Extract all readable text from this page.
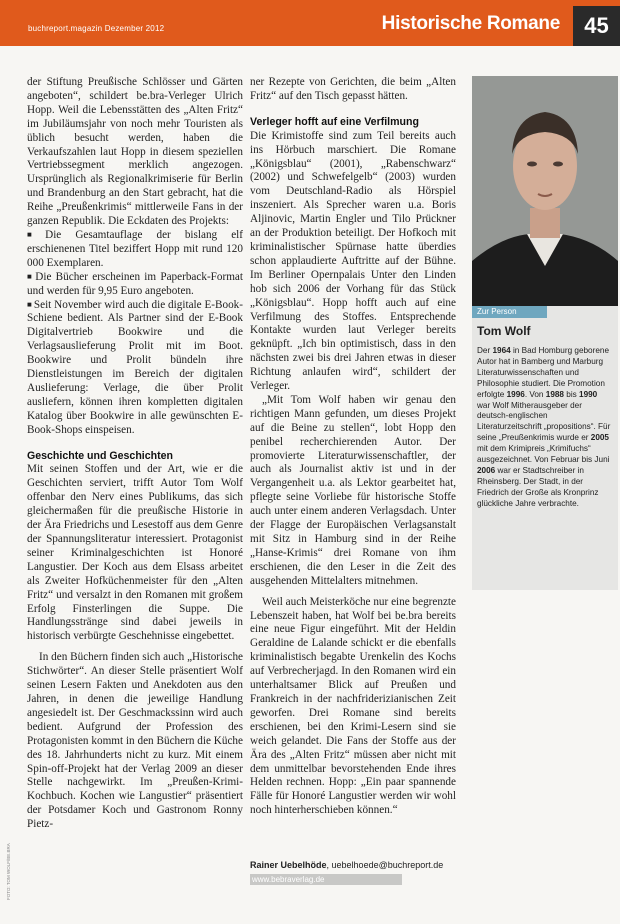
buchreport.magazin Dezember 2012	Historische Romane	45

der Stiftung Preußische Schlösser und Gärten angeboten“, schildert be.bra-Verleger Ulrich Hopp. Weil die Lebensstätten des „Alten Fritz“ im Jubiläumsjahr von noch mehr Touristen als üblich besucht werden, haben die Verkaufszahlen laut Hopp in diesem speziellen Vertriebssegment merklich angezogen. Ursprünglich als Regionalkrimiserie für Berlin und Brandenburg an den Start gebracht, hat die Reihe „Preußenkrimis“ mittlerweile Fans in der ganzen Republik. Die Eckdaten des Projekts:

■ Die Gesamtauflage der bislang elf erschienenen Titel beziffert Hopp mit rund 120 000 Exemplaren.

■ Die Bücher erscheinen im Paperback-Format und werden für 9,95 Euro angeboten.

■ Seit November wird auch die digitale E-Book-Schiene bedient. Als Partner sind der E-Book Digitalvertrieb Bookwire und die Verlagsauslieferung Prolit mit im Boot. Bookwire und Prolit bündeln ihre Dienstleistungen im Bereich der digitalen Auslieferung: Verlage, die über Prolit ausliefern, können ihren kompletten digitalen Katalog über Bookwire in alle gewünschten E-Book-Shops einspeisen.

Geschichte und Geschichten

Mit seinen Stoffen und der Art, wie er die Geschichten serviert, trifft Autor Tom Wolf offenbar den Nerv eines Publikums, das sich gleichermaßen für die preußische Historie in der Ära Friedrichs und Lesestoff aus dem Genre der Spannungsliteratur interessiert. Protagonist seiner Kriminalgeschichten ist Honoré Langustier. Der Koch aus dem Elsass arbeitet als Zweiter Hofküchenmeister für den „Alten Fritz“ und versalzt in den Romanen mit großem Erfolg Finsterlingen die Suppe. Die Handlungsstränge sind dabei jeweils in historisch verbürgte Geschehnisse eingebettet.

In den Büchern finden sich auch „Historische Stichwörter“. An dieser Stelle präsentiert Wolf seinen Lesern Fakten und Anekdoten aus den Jahren, in denen die jeweilige Handlung angesiedelt ist. Der Geschmackssinn wird auch bedient. Aufgrund der Profession des Protagonisten kommt in den Büchern die Küche des 18. Jahrhunderts nicht zu kurz. Mit einem Spin-off-Projekt hat der Verlag 2009 an dieser Stelle nachgewirkt. Im „Preußen-Krimi-Kochbuch. Kochen wie Langustier“ präsentiert der Potsdamer Koch und Gastronom Ronny Pietz-

ner Rezepte von Gerichten, die beim „Alten Fritz“ auf den Tisch gepasst hätten.

Verleger hofft auf eine Verfilmung

Die Krimistoffe sind zum Teil bereits auch ins Hörbuch marschiert. Die Romane „Königsblau“ (2001), „Rabenschwarz“ (2002) und Schwefelgelb“ (2003) wurden vom Deutschland-Radio als Hörspiel inszeniert. Als Sprecher waren u.a. Boris Aljinovic, Martin Engler und Tilo Prückner an der Produktion beteiligt. Der Hofkoch mit kriminalistischer Spürnase hatte überdies schon applaudierte Auftritte auf der Bühne. Im Berliner Opernpalais Unter den Linden hob sich 2006 der Vorhang für das Stück „Königsblau“. Hopp hofft auch auf eine Verfilmung des Stoffes. Entsprechende Kontakte wurden laut Verleger bereits geknüpft. „Ich bin optimistisch, dass in den nächsten zwei bis drei Jahren etwas in dieser Richtung anlaufen wird“, schildert der Verleger.

„Mit Tom Wolf haben wir genau den richtigen Mann gefunden, um dieses Projekt auf die Beine zu stellen“, lobt Hopp den penibel recherchierenden Autor. Der promovierte Literaturwissenschaftler, der auch als Journalist aktiv ist und in der Vergangenheit u.a. als Lektor gearbeitet hat, pflegte seine Vorliebe für historische Stoffe auch unter einem anderen Verlagsdach. Unter der Flagge der Europäischen Verlagsanstalt mit Sitz in Hamburg sind in der Reihe „Hanse-Krimis“ drei Romane von ihm erschienen, die den Leser in die Zeit des ausgehenden Mittelalters mitnehmen.

Weil auch Meisterköche nur eine begrenzte Lebenszeit haben, hat Wolf bei be.bra bereits eine neue Figur eingeführt. Mit der Heldin Geraldine de Lalande schickt er die ebenfalls kriminalistisch begabte Urenkelin des Kochs auf Verbrecherjagd. In den Romanen wird ein unterhaltsamer Blick auf Preußen und Frankreich in der nachfriderizianischen Zeit geworfen. Drei Romane sind bereits erschienen, bei den Krimi-Lesern sind sie weich gelandet. Die Fans der Stoffe aus der Ära des „Alten Fritz“ müssen aber nicht mit dem unmittelbar bevorstehenden Ende ihres Helden rechnen. Hopp: „Ein paar spannende Fälle für Honoré Langustier werden wir wohl noch hinterherschieben können.“

Zur Person
Tom Wolf
Der 1964 in Bad Homburg geborene Autor hat in Bamberg und Marburg Literaturwissenschaften und Philosophie studiert. Die Promotion erfolgte 1996. Von 1988 bis 1990 war Wolf Mitherausgeber der deutsch-englischen Literaturzeitschrift „propositions“. Für seine „Preußenkrimis wurde er 2005 mit dem Krimipreis „Krimifuchs“ ausgezeichnet. Von Februar bis Juni 2006 war er Stadtschreiber in Rheinsberg. Der Stadt, in der Friedrich der Große als Kronprinz glückliche Jahre verbrachte.
Rainer Uebelhöde, uebelhoede@buchreport.de
www.bebraverlag.de
FOTO: TOM WOLF/BE.BRA
